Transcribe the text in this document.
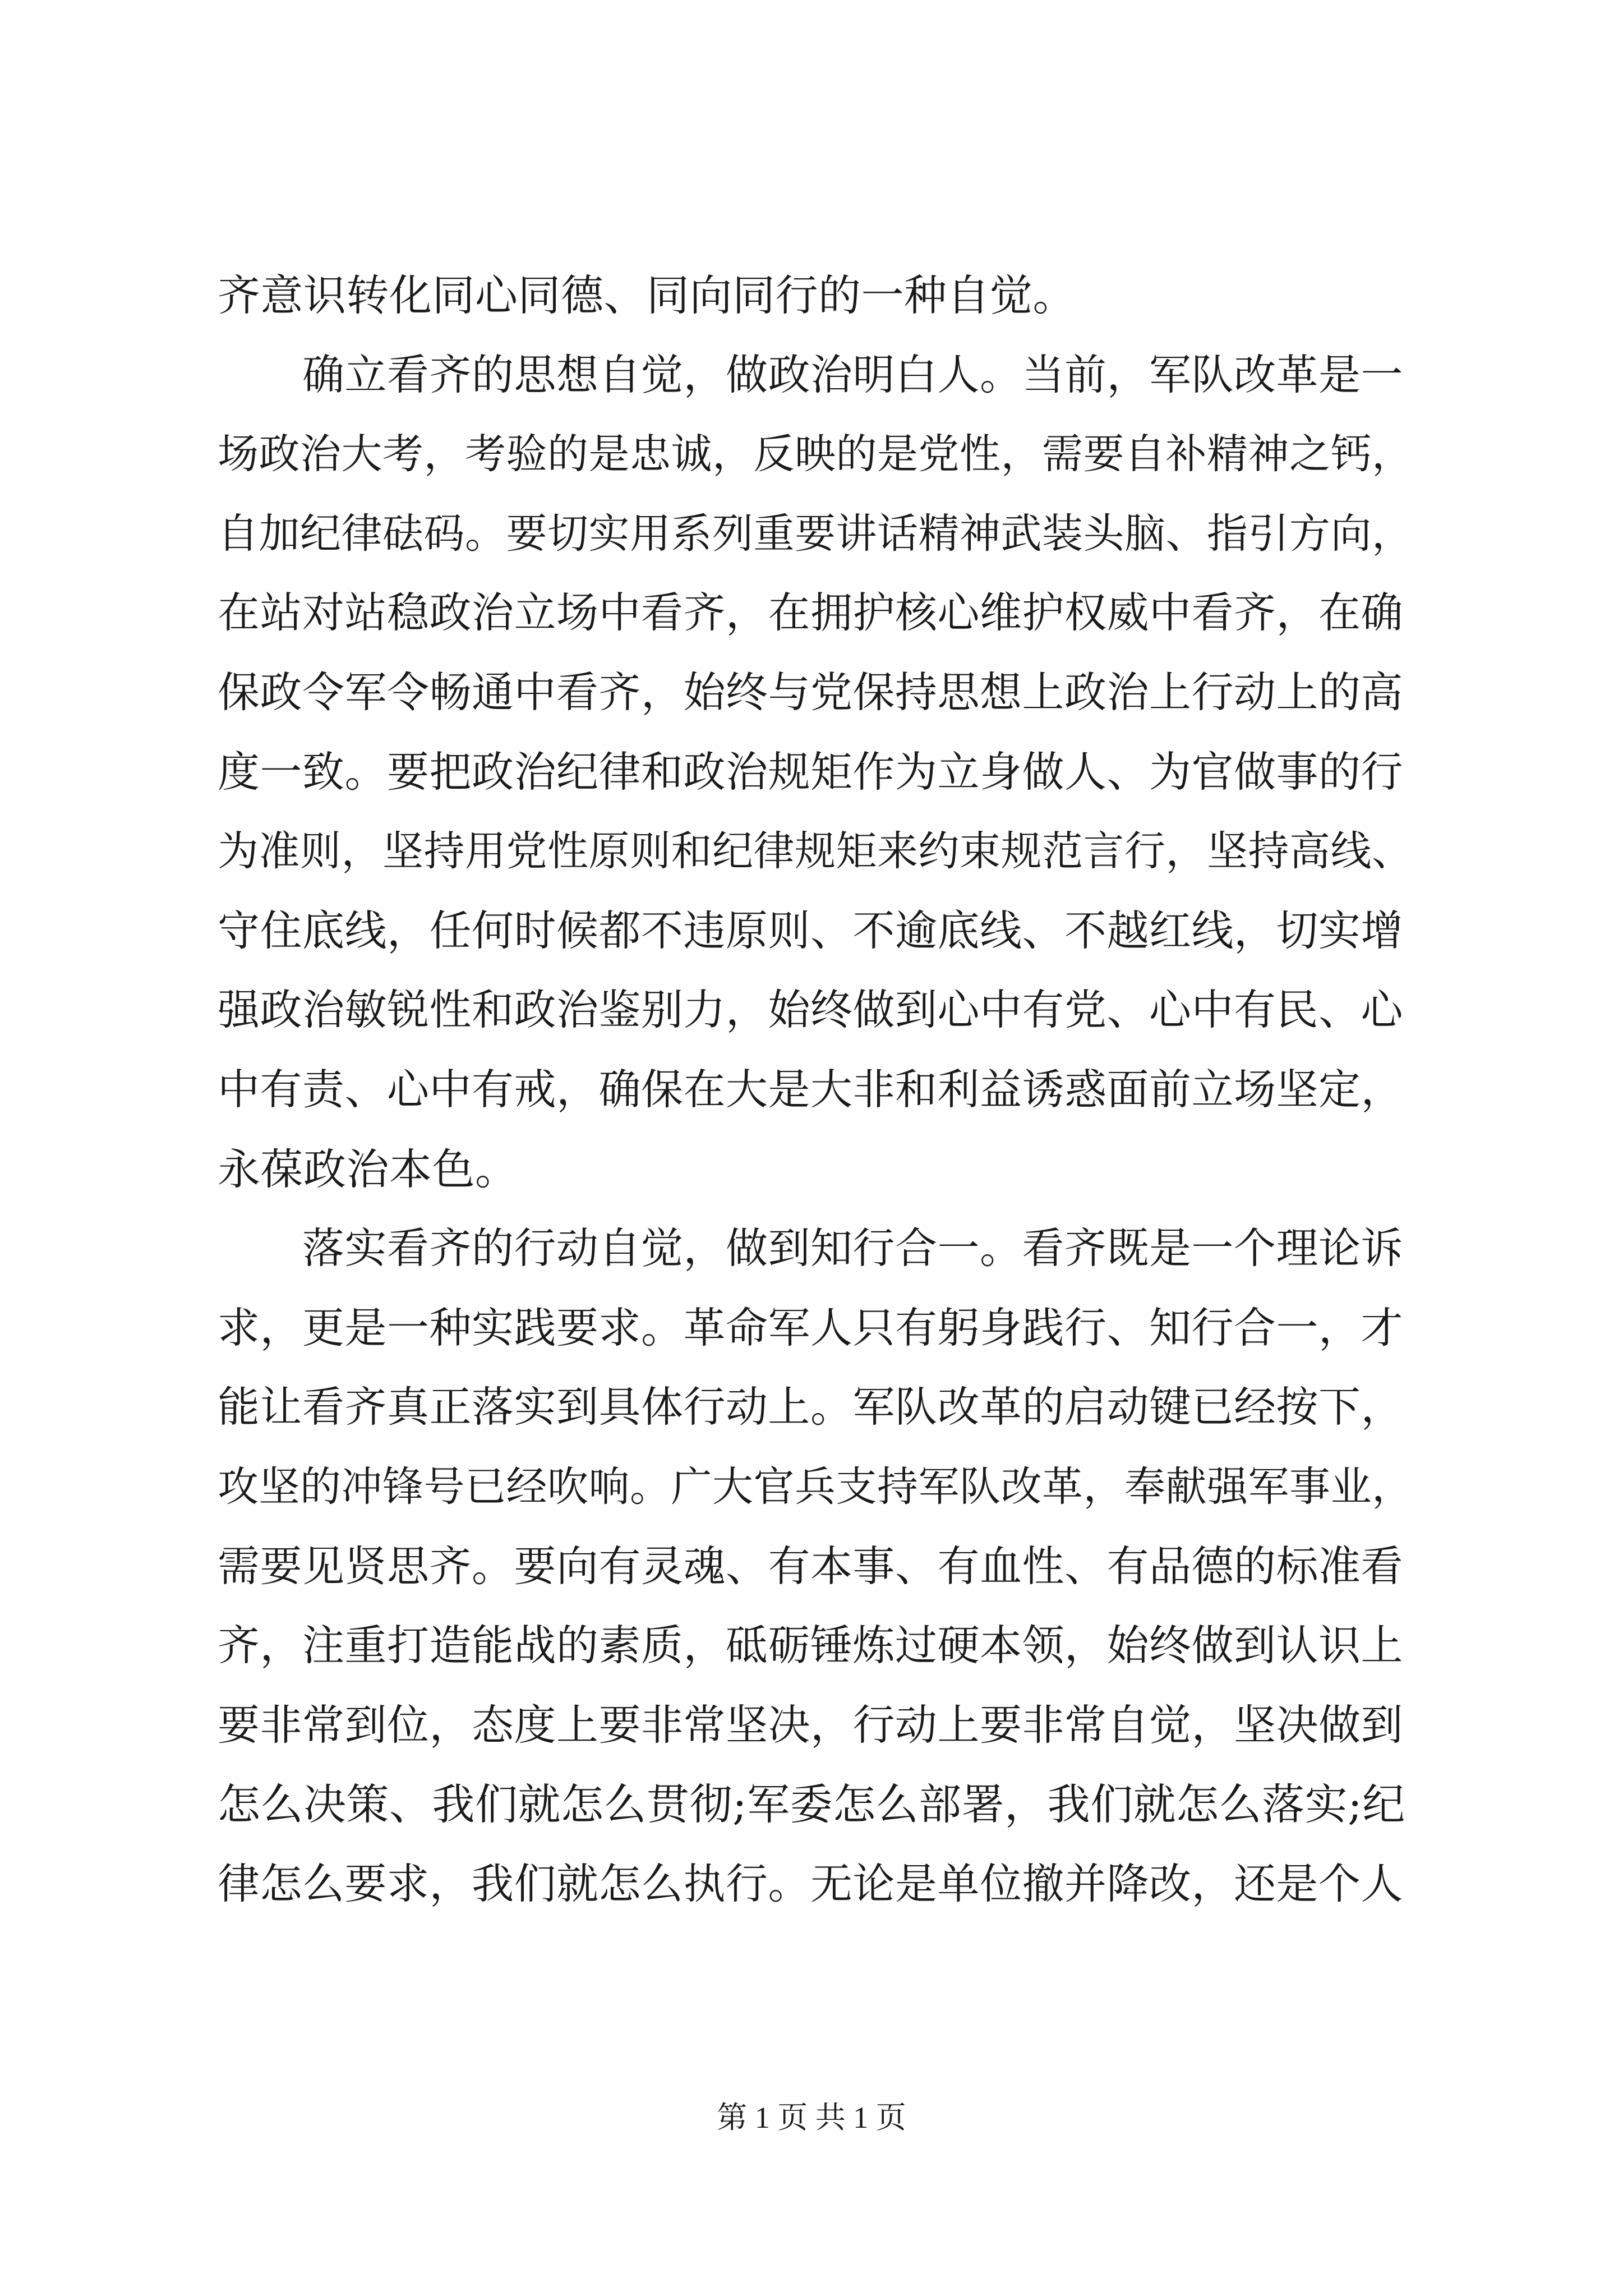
齐意识转化同心同德、同向同行的一种自觉。
　　确立看齐的思想自觉，做政治明白人。当前，军队改革是一
场政治大考，考验的是忠诚，反映的是党性，需要自补精神之钙，
自加纪律砝码。要切实用系列重要讲话精神武装头脑、指引方向，
在站对站稳政治立场中看齐，在拥护核心维护权威中看齐，在确
保政令军令畅通中看齐，始终与党保持思想上政治上行动上的高
度一致。要把政治纪律和政治规矩作为立身做人、为官做事的行
为准则，坚持用党性原则和纪律规矩来约束规范言行，坚持高线、
守住底线，任何时候都不违原则、不逾底线、不越红线，切实增
强政治敏锐性和政治鉴别力，始终做到心中有党、心中有民、心
中有责、心中有戒，确保在大是大非和利益诱惑面前立场坚定，
永葆政治本色。
　　落实看齐的行动自觉，做到知行合一。看齐既是一个理论诉
求，更是一种实践要求。革命军人只有躬身践行、知行合一，才
能让看齐真正落实到具体行动上。军队改革的启动键已经按下，
攻坚的冲锋号已经吹响。广大官兵支持军队改革，奉献强军事业，
需要见贤思齐。要向有灵魂、有本事、有血性、有品德的标准看
齐，注重打造能战的素质，砥砺锤炼过硬本领，始终做到认识上
要非常到位，态度上要非常坚决，行动上要非常自觉，坚决做到
怎么决策、我们就怎么贯彻;军委怎么部署，我们就怎么落实;纪
律怎么要求，我们就怎么执行。无论是单位撤并降改，还是个人
第 1 页 共 1 页
